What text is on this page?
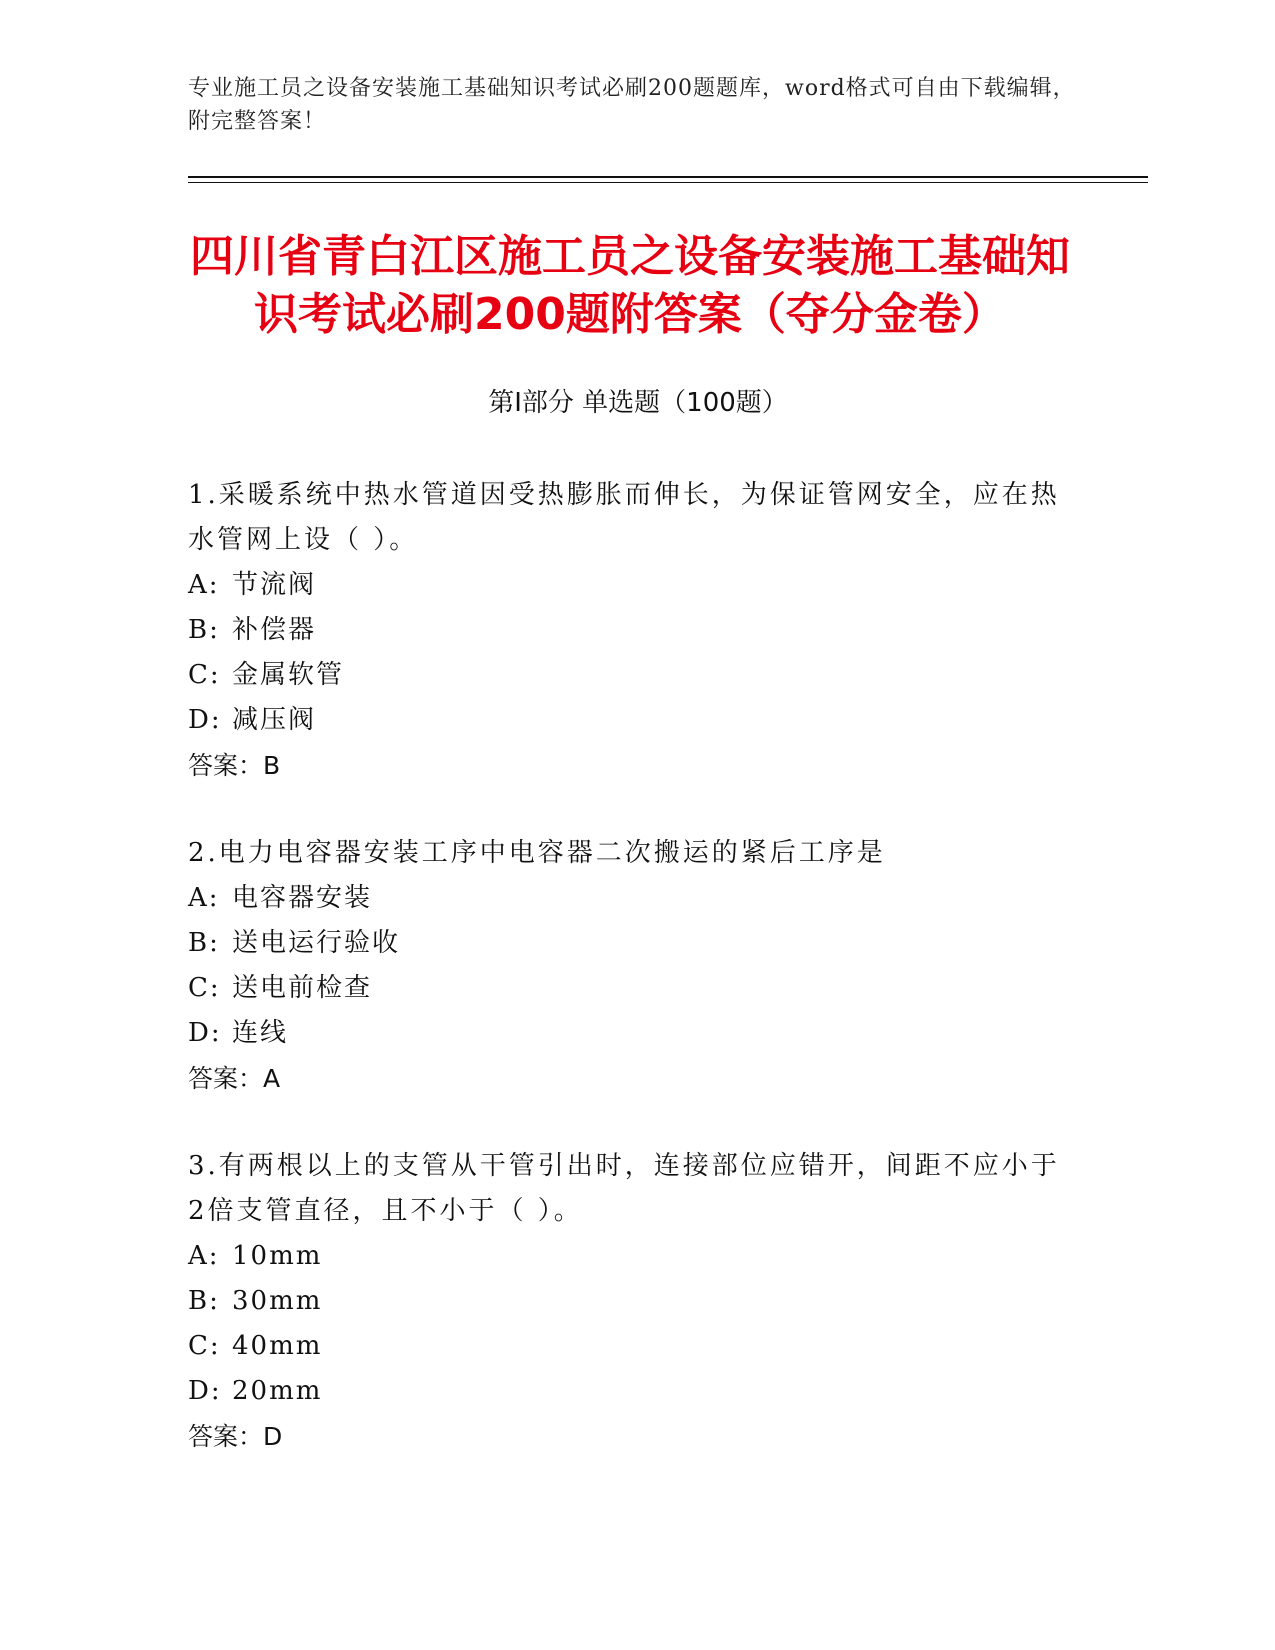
专业施工员之设备安装施工基础知识考试必刷200题题库，word格式可自由下载编辑，附完整答案！
四川省青白江区施工员之设备安装施工基础知识考试必刷200题附答案（夺分金卷）
第Ⅰ部分 单选题（100题）

1.采暖系统中热水管道因受热膨胀而伸长，为保证管网安全，应在热水管网上设（ ）。

A: 节流阀

B: 补偿器

C: 金属软管

D: 减压阀

答案：B

2.电力电容器安装工序中电容器二次搬运的紧后工序是

A: 电容器安装

B: 送电运行验收

C: 送电前检查

D: 连线

答案：A

3.有两根以上的支管从干管引出时，连接部位应错开，间距不应小于2倍支管直径，且不小于（ ）。

A: 10mm

B: 30mm

C: 40mm

D: 20mm

答案：D
